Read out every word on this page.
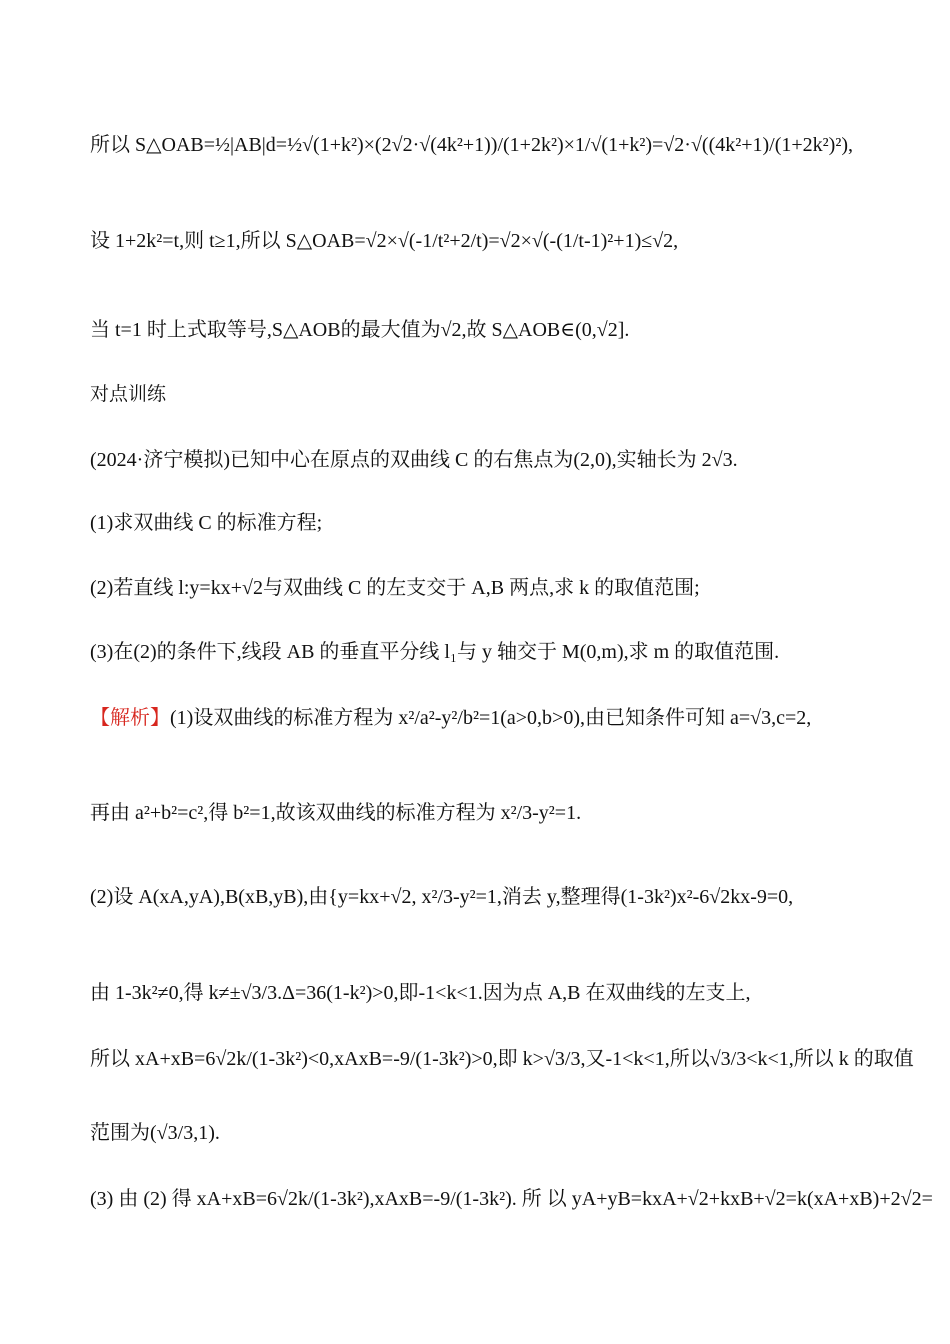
所以 S△OAB=½|AB|d=½√(1+k²)×(2√2·√(4k²+1))/(1+2k²)×1/√(1+k²)=√2·√((4k²+1)/(1+2k²)²),
设 1+2k²=t,则 t≥1,所以 S△OAB=√2×√(-1/t²+2/t)=√2×√(-(1/t-1)²+1)≤√2,
当 t=1 时上式取等号,S△AOB的最大值为√2,故 S△AOB∈(0,√2].
对点训练
(2024·济宁模拟)已知中心在原点的双曲线 C 的右焦点为(2,0),实轴长为 2√3.
(1)求双曲线 C 的标准方程;
(2)若直线 l:y=kx+√2与双曲线 C 的左支交于 A,B 两点,求 k 的取值范围;
(3)在(2)的条件下,线段 AB 的垂直平分线 l₁与 y 轴交于 M(0,m),求 m 的取值范围.
【解析】(1)设双曲线的标准方程为 x²/a²-y²/b²=1(a>0,b>0),由已知条件可知 a=√3,c=2,
再由 a²+b²=c²,得 b²=1,故该双曲线的标准方程为 x²/3-y²=1.
(2)设 A(xA,yA),B(xB,yB),由{y=kx+√2, x²/3-y²=1,消去 y,整理得(1-3k²)x²-6√2kx-9=0,
由 1-3k²≠0,得 k≠±√3/3.Δ=36(1-k²)>0,即-1<k<1.因为点 A,B 在双曲线的左支上,
所以 xA+xB=6√2k/(1-3k²)<0,xAxB=-9/(1-3k²)>0,即 k>√3/3,又-1<k<1,所以√3/3<k<1,所以 k 的取值
范围为(√3/3,1).
(3) 由 (2) 得 xA+xB=6√2k/(1-3k²),xAxB=-9/(1-3k²). 所 以 yA+yB=kxA+√2+kxB+√2=k(xA+xB)+2√2=
